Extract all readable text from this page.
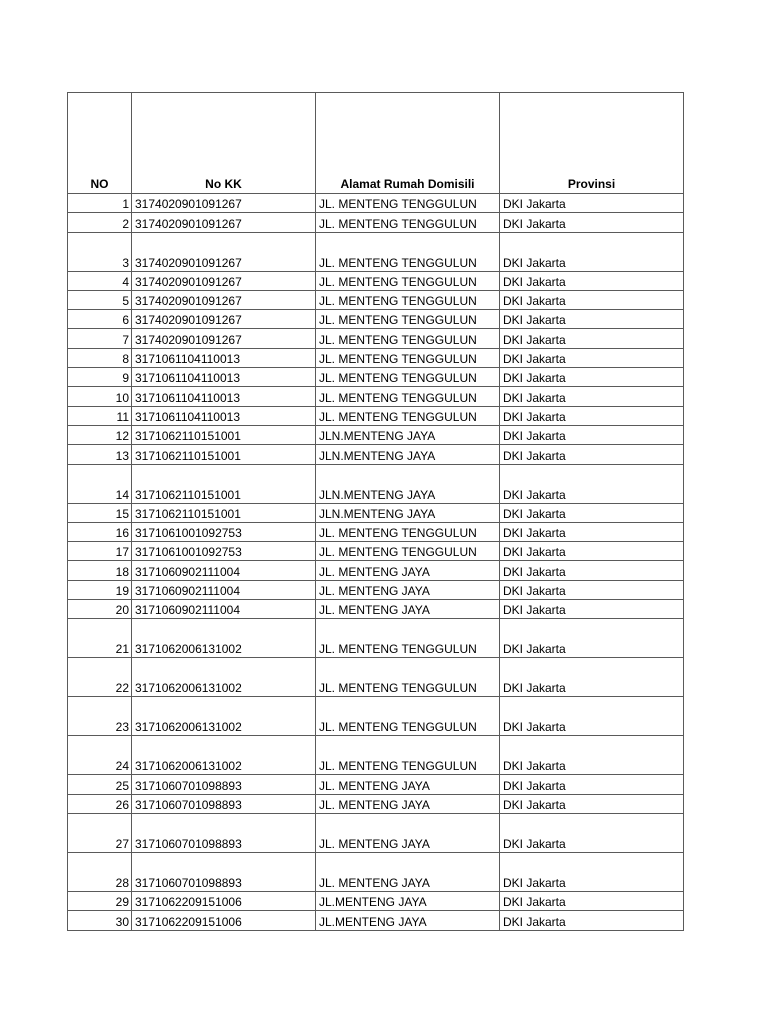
NO	No KK	Alamat Rumah Domisili	Provinsi
1	3174020901091267	JL. MENTENG TENGGULUN	DKI Jakarta
2	3174020901091267	JL. MENTENG TENGGULUN	DKI Jakarta
3	3174020901091267	JL. MENTENG TENGGULUN	DKI Jakarta
4	3174020901091267	JL. MENTENG TENGGULUN	DKI Jakarta
5	3174020901091267	JL. MENTENG TENGGULUN	DKI Jakarta
6	3174020901091267	JL. MENTENG TENGGULUN	DKI Jakarta
7	3174020901091267	JL. MENTENG TENGGULUN	DKI Jakarta
8	3171061104110013	JL. MENTENG TENGGULUN	DKI Jakarta
9	3171061104110013	JL. MENTENG TENGGULUN	DKI Jakarta
10	3171061104110013	JL. MENTENG TENGGULUN	DKI Jakarta
11	3171061104110013	JL. MENTENG TENGGULUN	DKI Jakarta
12	3171062110151001	JLN.MENTENG JAYA	DKI Jakarta
13	3171062110151001	JLN.MENTENG JAYA	DKI Jakarta
14	3171062110151001	JLN.MENTENG JAYA	DKI Jakarta
15	3171062110151001	JLN.MENTENG JAYA	DKI Jakarta
16	3171061001092753	JL. MENTENG TENGGULUN	DKI Jakarta
17	3171061001092753	JL. MENTENG TENGGULUN	DKI Jakarta
18	3171060902111004	JL. MENTENG JAYA	DKI Jakarta
19	3171060902111004	JL. MENTENG JAYA	DKI Jakarta
20	3171060902111004	JL. MENTENG JAYA	DKI Jakarta
21	3171062006131002	JL. MENTENG TENGGULUN	DKI Jakarta
22	3171062006131002	JL. MENTENG TENGGULUN	DKI Jakarta
23	3171062006131002	JL. MENTENG TENGGULUN	DKI Jakarta
24	3171062006131002	JL. MENTENG TENGGULUN	DKI Jakarta
25	3171060701098893	JL. MENTENG JAYA	DKI Jakarta
26	3171060701098893	JL. MENTENG JAYA	DKI Jakarta
27	3171060701098893	JL. MENTENG JAYA	DKI Jakarta
28	3171060701098893	JL. MENTENG JAYA	DKI Jakarta
29	3171062209151006	JL.MENTENG JAYA	DKI Jakarta
30	3171062209151006	JL.MENTENG JAYA	DKI Jakarta
